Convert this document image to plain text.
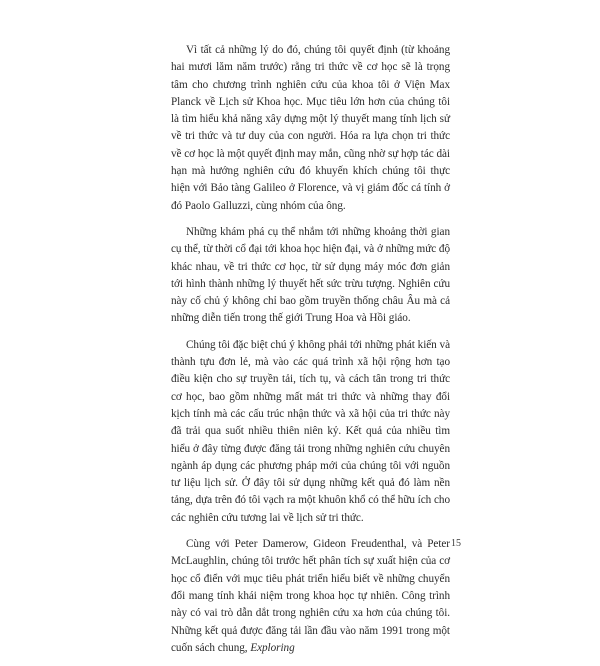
Vì tất cả những lý do đó, chúng tôi quyết định (từ khoảng hai mươi lăm năm trước) rằng tri thức về cơ học sẽ là trọng tâm cho chương trình nghiên cứu của khoa tôi ở Viện Max Planck về Lịch sử Khoa học. Mục tiêu lớn hơn của chúng tôi là tìm hiểu khả năng xây dựng một lý thuyết mang tính lịch sử về tri thức và tư duy của con người. Hóa ra lựa chọn tri thức về cơ học là một quyết định may mắn, cũng nhờ sự hợp tác dài hạn mà hướng nghiên cứu đó khuyến khích chúng tôi thực hiện với Bảo tàng Galileo ở Florence, và vị giám đốc cá tính ở đó Paolo Galluzzi, cùng nhóm của ông.

Những khám phá cụ thể nhắm tới những khoảng thời gian cụ thể, từ thời cổ đại tới khoa học hiện đại, và ở những mức độ khác nhau, về tri thức cơ học, từ sử dụng máy móc đơn giản tới hình thành những lý thuyết hết sức trừu tượng. Nghiên cứu này cố chủ ý không chỉ bao gồm truyền thống châu Âu mà cả những diễn tiến trong thế giới Trung Hoa và Hồi giáo.

Chúng tôi đặc biệt chú ý không phải tới những phát kiến và thành tựu đơn lẻ, mà vào các quá trình xã hội rộng hơn tạo điều kiện cho sự truyền tải, tích tụ, và cách tân trong tri thức cơ học, bao gồm những mất mát tri thức và những thay đổi kịch tính mà các cấu trúc nhận thức và xã hội của tri thức này đã trải qua suốt nhiều thiên niên kỷ. Kết quả của nhiều tìm hiểu ở đây từng được đăng tải trong những nghiên cứu chuyên ngành áp dụng các phương pháp mới của chúng tôi với nguồn tư liệu lịch sử. Ở đây tôi sử dụng những kết quả đó làm nền tảng, dựa trên đó tôi vạch ra một khuôn khổ có thể hữu ích cho các nghiên cứu tương lai về lịch sử tri thức.

Cùng với Peter Damerow, Gideon Freudenthal, và Peter McLaughlin, chúng tôi trước hết phân tích sự xuất hiện của cơ học cổ điển với mục tiêu phát triển hiểu biết về những chuyển đổi mang tính khái niệm trong khoa học tự nhiên. Công trình này có vai trò dẫn dắt trong nghiên cứu xa hơn của chúng tôi. Những kết quả được đăng tải lần đầu vào năm 1991 trong một cuốn sách chung, Exploring

15
